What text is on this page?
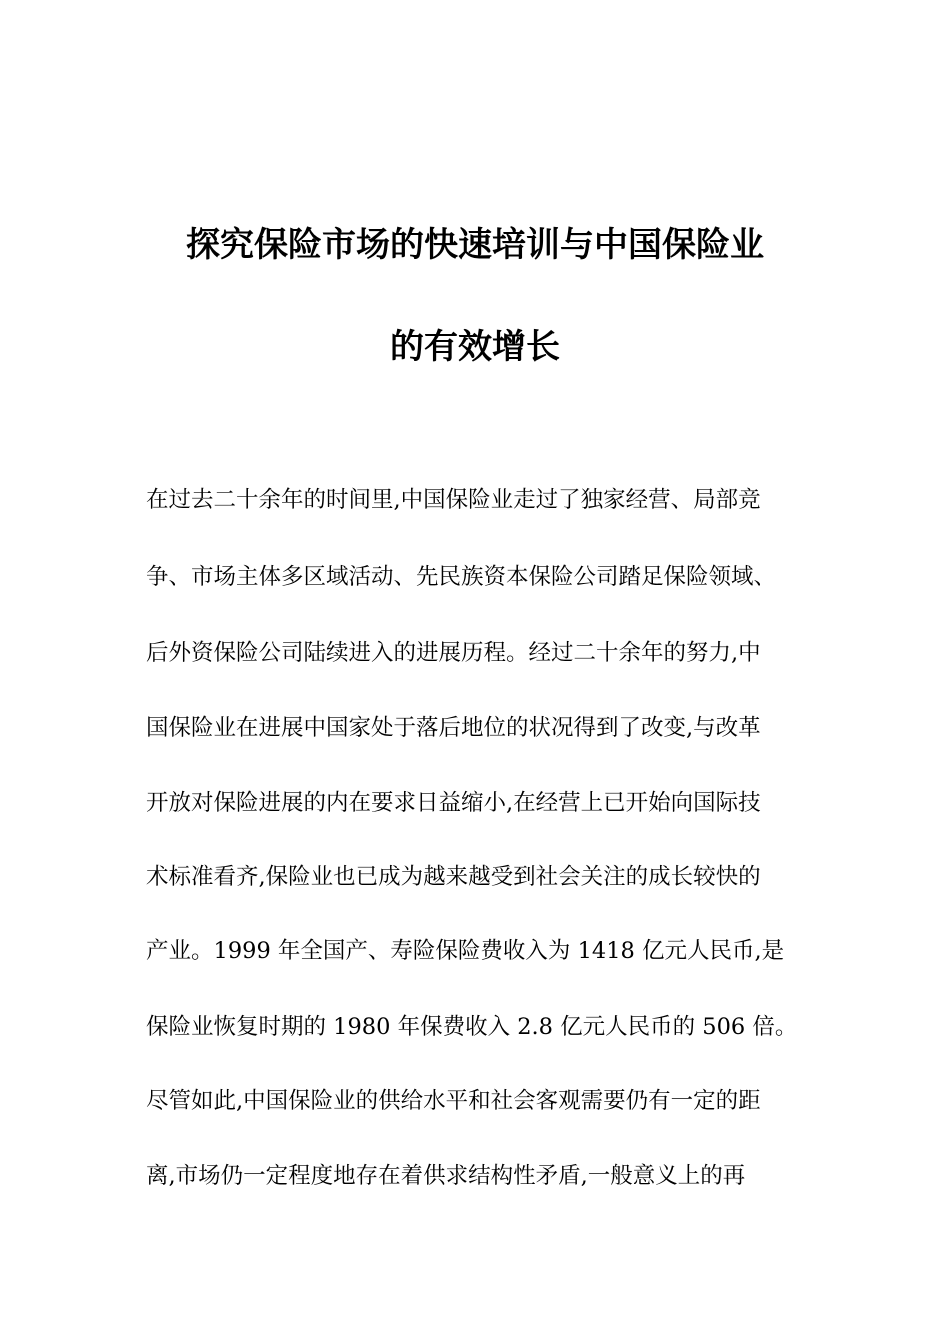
探究保险市场的快速培训与中国保险业
的有效增长
在过去二十余年的时间里,中国保险业走过了独家经营、局部竞
争、市场主体多区域活动、先民族资本保险公司踏足保险领域、
后外资保险公司陆续进入的进展历程。经过二十余年的努力,中
国保险业在进展中国家处于落后地位的状况得到了改变,与改革
开放对保险进展的内在要求日益缩小,在经营上已开始向国际技
术标准看齐,保险业也已成为越来越受到社会关注的成长较快的
产业。1999 年全国产、寿险保险费收入为 1418 亿元人民币,是
保险业恢复时期的 1980 年保费收入 2.8 亿元人民币的 506 倍。
尽管如此,中国保险业的供给水平和社会客观需要仍有一定的距
离,市场仍一定程度地存在着供求结构性矛盾,一般意义上的再
